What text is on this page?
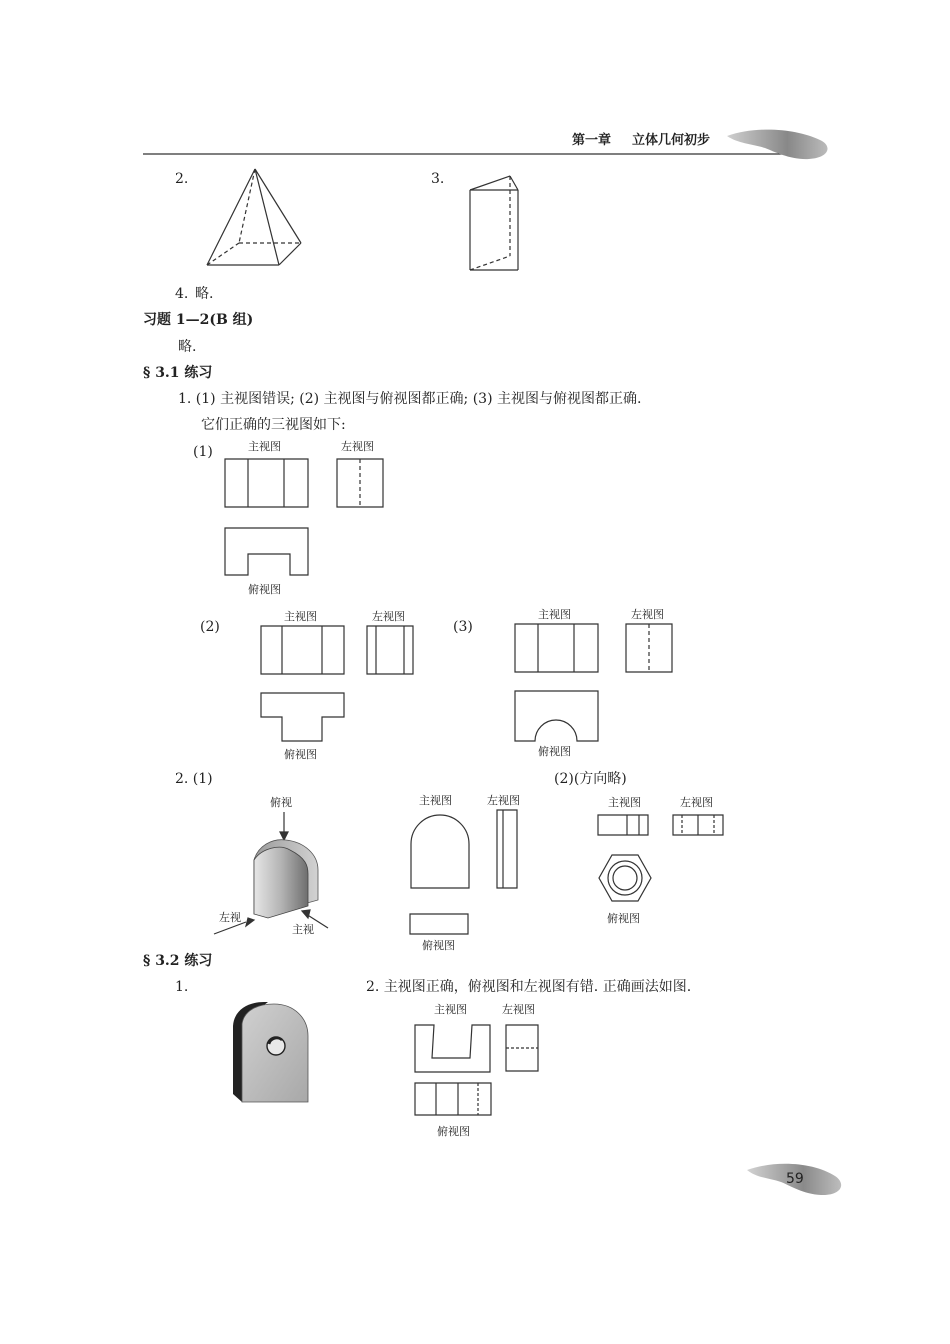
第一章 立体几何初步
2.	3.
4. 略.
习题 1—2(B 组)
略.
§ 3.1 练习
1. (1) 主视图错误; (2) 主视图与俯视图都正确; (3) 主视图与俯视图都正确.
它们正确的三视图如下:
(1)	主视图	左视图
俯视图
(2)
主视图	左视图
俯视图
(3)
主视图	左视图
俯视图
2. (1)	(2)(方向略)
俯视
左视
主视
主视图	左视图
俯视图
主视图	左视图
俯视图
§ 3.2 练习
1.	2. 主视图正确，俯视图和左视图有错. 正确画法如图.
主视图	左视图
俯视图
59
